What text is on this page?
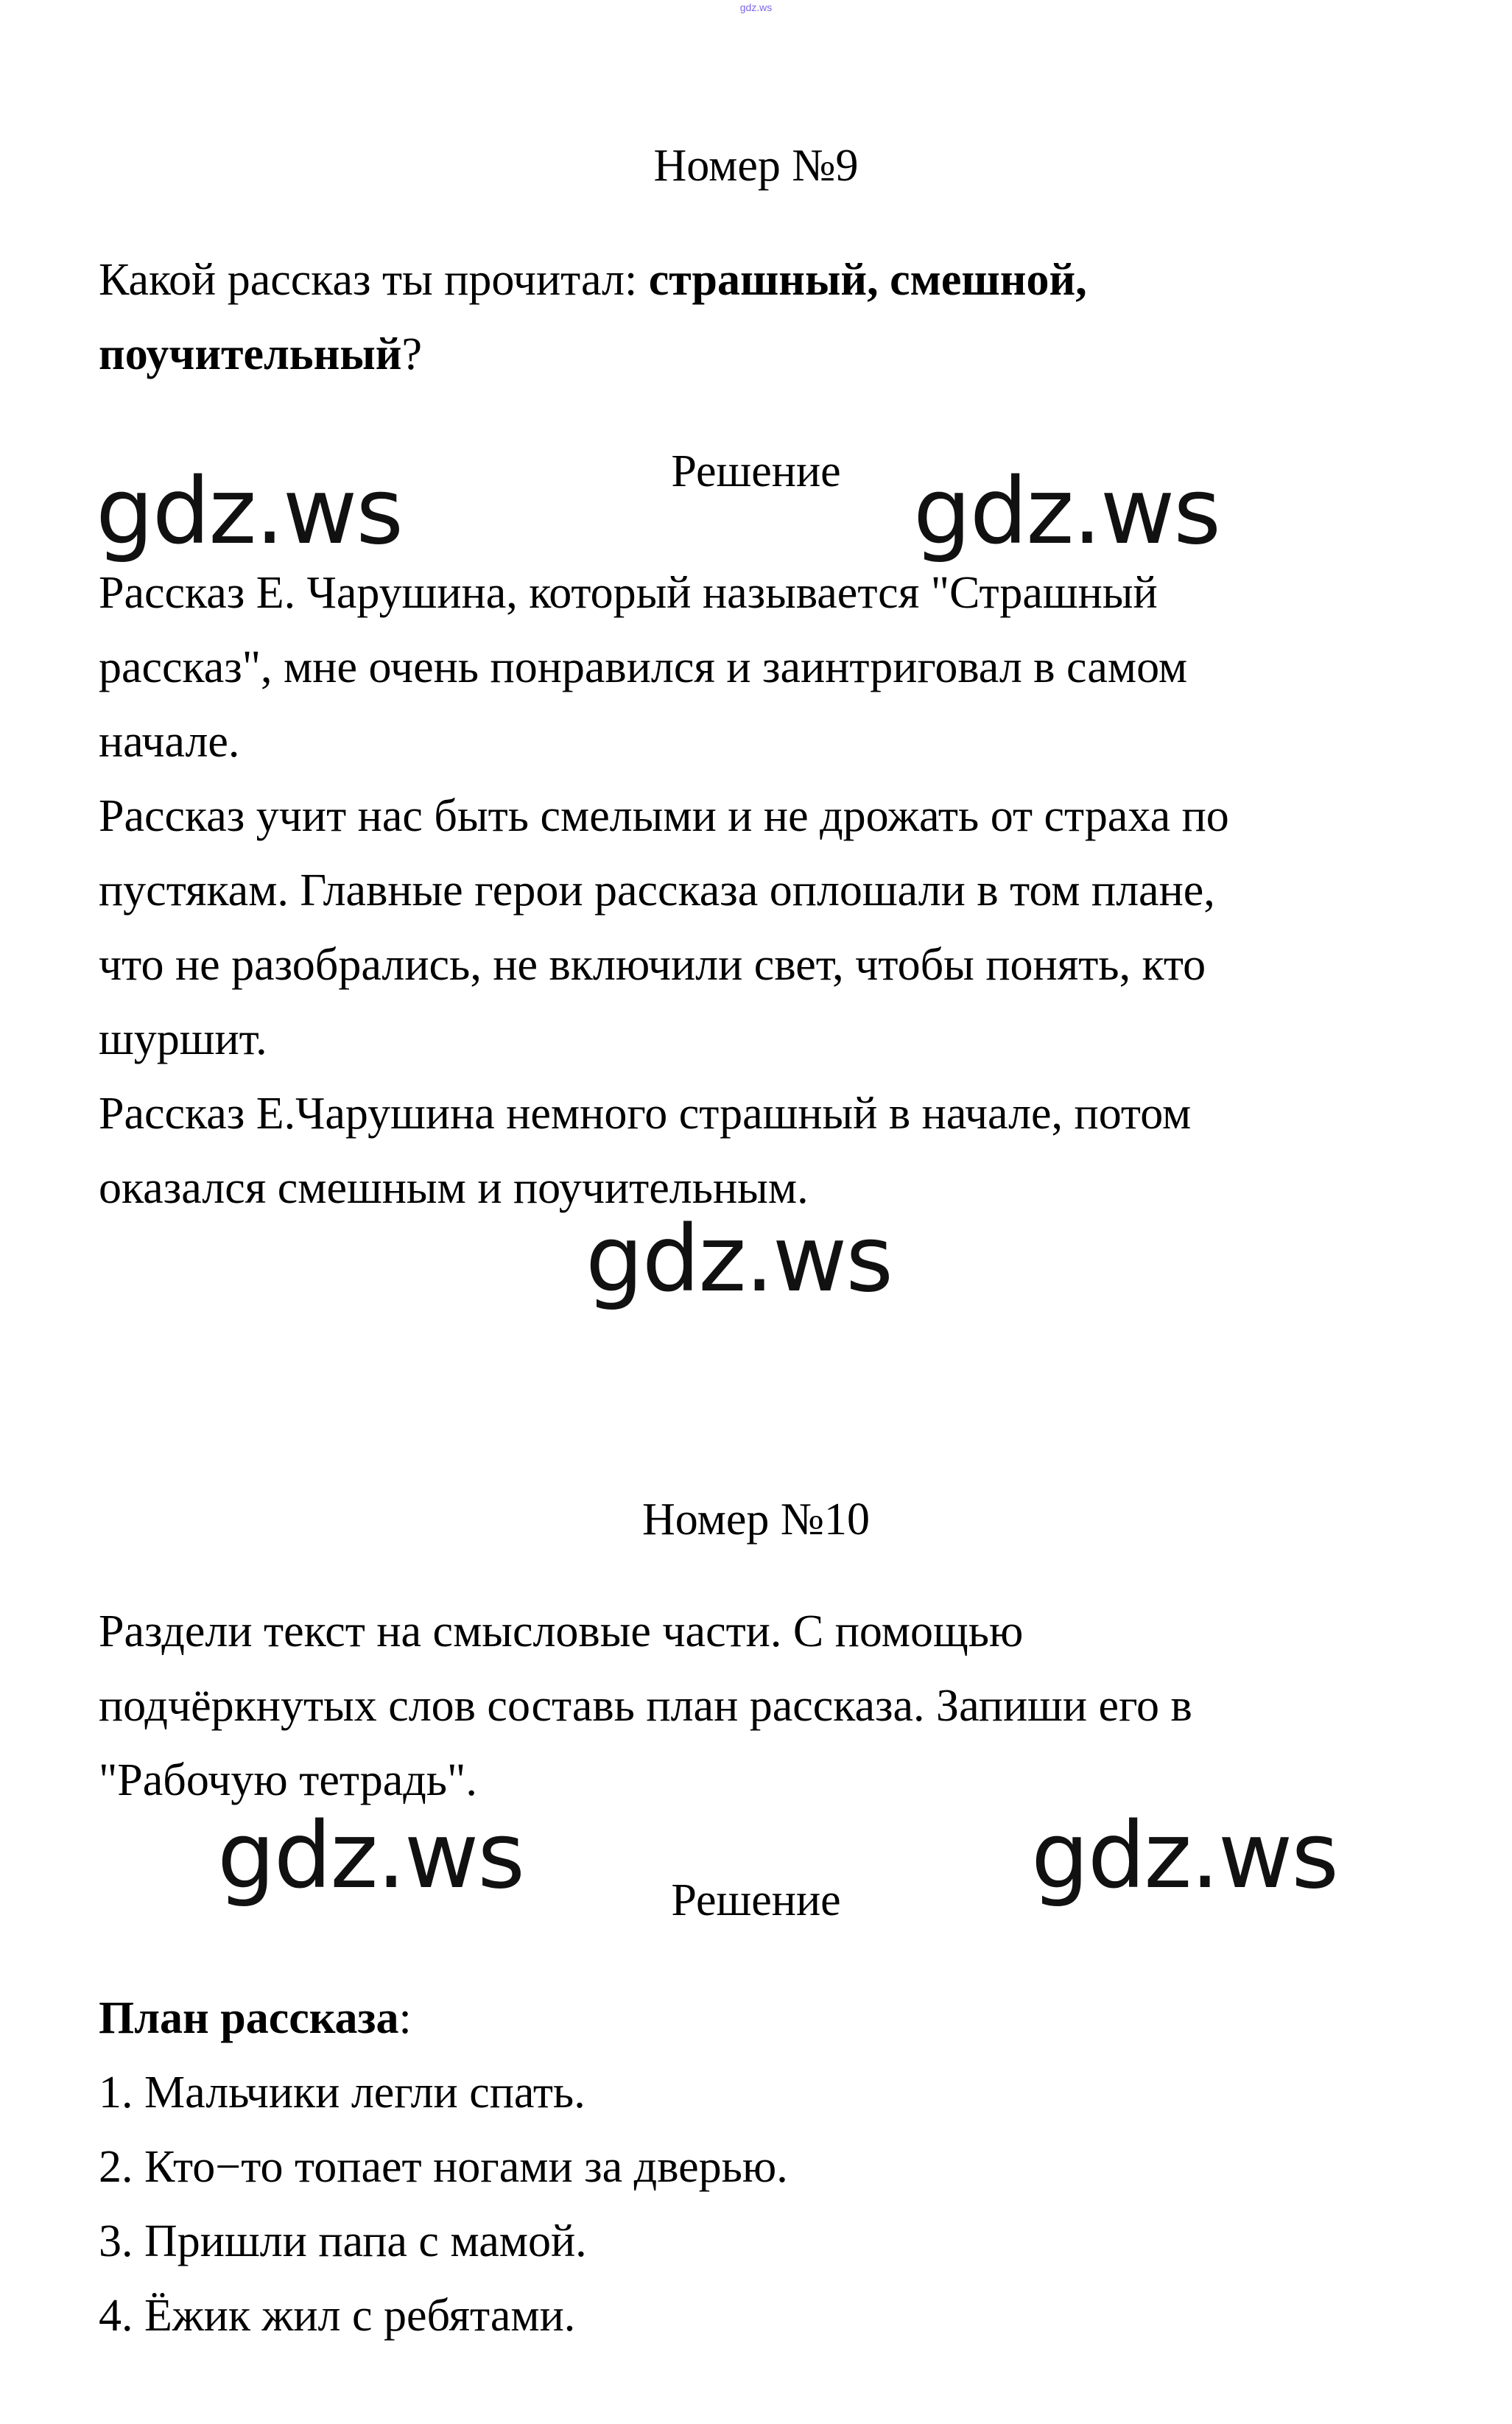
gdz.ws
Номер №9
Какой рассказ ты прочитал: страшный, смешной,
поучительный?
Решение
gdz.ws	gdz.ws
Рассказ Е. Чарушина, который называется "Страшный
рассказ", мне очень понравился и заинтриговал в самом
начале.
Рассказ учит нас быть смелыми и не дрожать от страха по
пустякам. Главные герои рассказа оплошали в том плане,
что не разобрались, не включили свет, чтобы понять, кто
шуршит.
Рассказ Е.Чарушина немного страшный в начале, потом
оказался смешным и поучительным.
gdz.ws
Номер №10
Раздели текст на смысловые части. С помощью
подчёркнутых слов составь план рассказа. Запиши его в
"Рабочую тетрадь".
gdz.ws	gdz.ws
Решение
План рассказа:
1. Мальчики легли спать.
2. Кто−то топает ногами за дверью.
3. Пришли папа с мамой.
4. Ёжик жил с ребятами.
